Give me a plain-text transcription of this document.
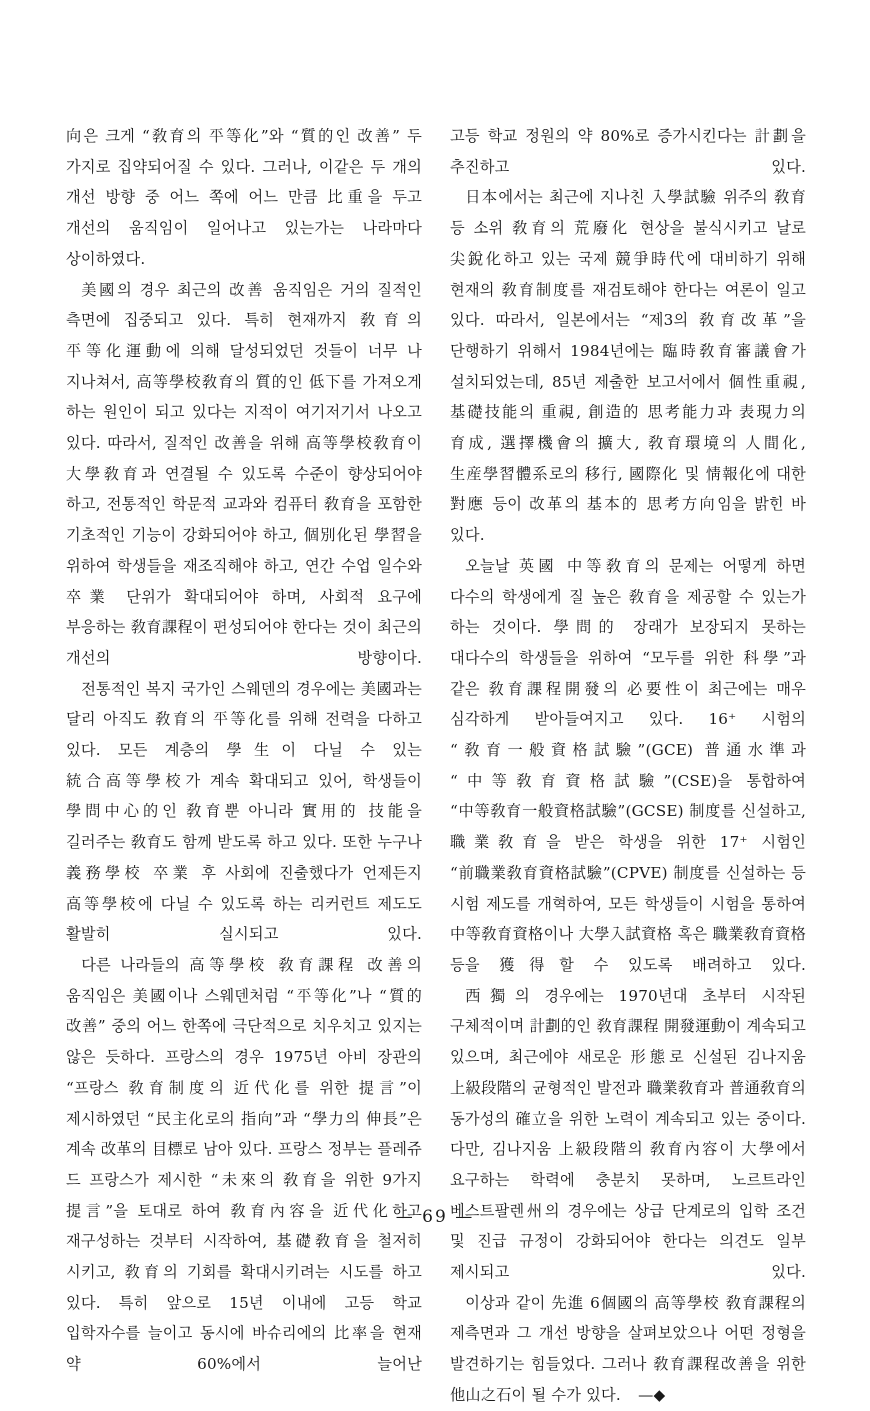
向은 크게 “敎育의 平等化”와 “質的인 改善” 두 가지로 집약되어질 수 있다. 그러나, 이같은 두 개의 개선 방향 중 어느 쪽에 어느 만큼 比重을 두고 개선의 움직임이 일어나고 있는가는 나라마다 상이하였다.

美國의 경우 최근의 改善 움직임은 거의 질적인 측면에 집중되고 있다. 특히 현재까지 敎育의 平等化運動에 의해 달성되었던 것들이 너무 나 지나쳐서, 高等學校敎育의 質的인 低下를 가져오게 하는 원인이 되고 있다는 지적이 여기저기서 나오고 있다. 따라서, 질적인 改善을 위해 高等學校敎育이 大學敎育과 연결될 수 있도록 수준이 향상되어야 하고, 전통적인 학문적 교과와 컴퓨터 敎育을 포함한 기초적인 기능이 강화되어야 하고, 個別化된 學習을 위하여 학생들을 재조직해야 하고, 연간 수업 일수와 卒業 단위가 확대되어야 하며, 사회적 요구에 부응하는 敎育課程이 편성되어야 한다는 것이 최근의 개선의 방향이다.

전통적인 복지 국가인 스웨덴의 경우에는 美國과는 달리 아직도 敎育의 平等化를 위해 전력을 다하고 있다. 모든 계층의 學生이 다닐 수 있는 統合高等學校가 계속 확대되고 있어, 학생들이 學問中心的인 敎育뿐 아니라 實用的 技能을 길러주는 敎育도 함께 받도록 하고 있다. 또한 누구나 義務學校 卒業 후 사회에 진출했다가 언제든지 高等學校에 다닐 수 있도록 하는 리커런트 제도도 활발히 실시되고 있다.

다른 나라들의 高等學校 敎育課程 改善의 움직임은 美國이나 스웨덴처럼 “平等化”나 “質的 改善” 중의 어느 한쪽에 극단적으로 치우치고 있지는 않은 듯하다. 프랑스의 경우 1975년 아비 장관의 “프랑스 敎育制度의 近代化를 위한 提言”이 제시하였던 “民主化로의 指向”과 “學力의 伸長”은 계속 改革의 目標로 남아 있다. 프랑스 정부는 플레쥬 드 프랑스가 제시한 “未來의 敎育을 위한 9가지 提言”을 토대로 하여 敎育內容을 近代化하고 재구성하는 것부터 시작하여, 基礎敎育을 철저히 시키고, 敎育의 기회를 확대시키려는 시도를 하고 있다. 특히 앞으로 15년 이내에 고등 학교 입학자수를 늘이고 동시에 바슈리에의 比率을 현재 약 60%에서 늘어난

고등 학교 정원의 약 80%로 증가시킨다는 計劃을 추진하고 있다.

日本에서는 최근에 지나친 入學試驗 위주의 敎育 등 소위 敎育의 荒廢化 현상을 불식시키고 날로 尖銳化하고 있는 국제 競爭時代에 대비하기 위해 현재의 敎育制度를 재검토해야 한다는 여론이 일고 있다. 따라서, 일본에서는 “제3의 敎育改革”을 단행하기 위해서 1984년에는 臨時敎育審議會가 설치되었는데, 85년 제출한 보고서에서 個性重視, 基礎技能의 重視, 創造的 思考能力과 表現力의 育成, 選擇機會의 擴大, 敎育環境의 人間化, 生産學習體系로의 移行, 國際化 및 情報化에 대한 對應 등이 改革의 基本的 思考方向임을 밝힌 바 있다.

오늘날 英國 中等敎育의 문제는 어떻게 하면 다수의 학생에게 질 높은 敎育을 제공할 수 있는가 하는 것이다. 學問的 장래가 보장되지 못하는 대다수의 학생들을 위하여 “모두를 위한 科學”과 같은 敎育課程開發의 必要性이 최근에는 매우 심각하게 받아들여지고 있다. 16⁺ 시험의 “敎育一般資格試驗”(GCE) 普通水準과 “中等敎育資格試驗”(CSE)을 통합하여 “中等敎育一般資格試驗”(GCSE) 制度를 신설하고, 職業敎育을 받은 학생을 위한 17⁺ 시험인 “前職業敎育資格試驗”(CPVE) 制度를 신설하는 등 시험 제도를 개혁하여, 모든 학생들이 시험을 통하여 中等敎育資格이나 大學入試資格 혹은 職業敎育資格 등을 獲得할 수 있도록 배려하고 있다.

西獨의 경우에는 1970년대 초부터 시작된 구체적이며 計劃的인 敎育課程 開發運動이 계속되고 있으며, 최근에야 새로운 形態로 신설된 김나지움 上級段階의 균형적인 발전과 職業敎育과 普通敎育의 동가성의 確立을 위한 노력이 계속되고 있는 중이다. 다만, 김나지움 上級段階의 敎育內容이 大學에서 요구하는 학력에 충분치 못하며, 노르트라인 베스트팔렌州의 경우에는 상급 단계로의 입학 조건 및 진급 규정이 강화되어야 한다는 의견도 일부 제시되고 있다.

이상과 같이 先進 6個國의 高等學校 敎育課程의 제측면과 그 개선 방향을 살펴보았으나 어떤 정형을 발견하기는 힘들었다. 그러나 敎育課程改善을 위한 他山之石이 될 수가 있다. —◆

— 69 —
